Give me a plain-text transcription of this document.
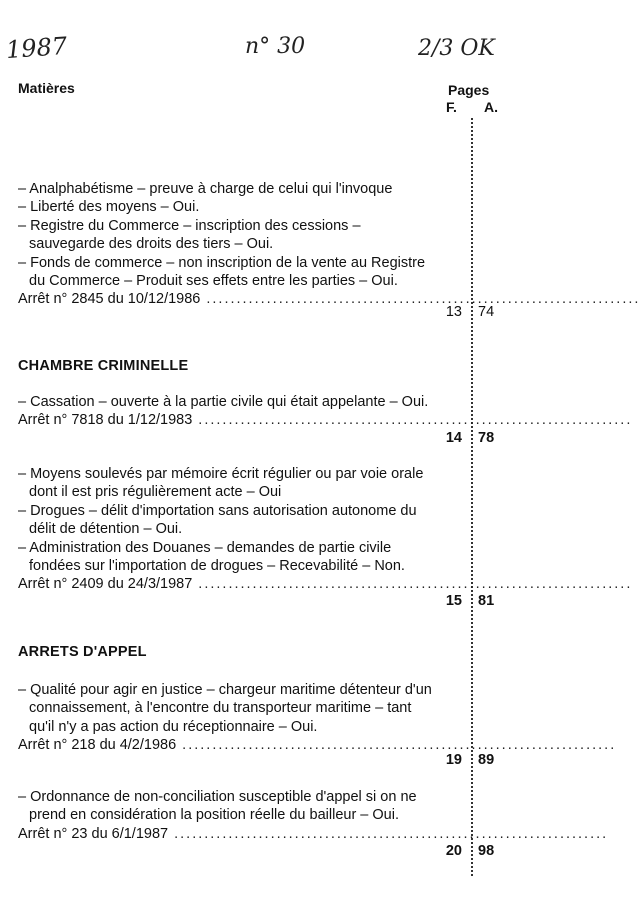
1987	n° 30	2/3 OK
Matières	Pages
F. A.
– Analphabétisme – preuve à charge de celui qui l'invoque
– Liberté des moyens – Oui.
– Registre du Commerce – inscription des cessions – sauvegarde des droits des tiers – Oui.
– Fonds de commerce – non inscription de la vente au Registre du Commerce – Produit ses effets entre les parties – Oui.
Arrêt n° 2845 du 10/12/1986 ........................................................................
13 74
CHAMBRE CRIMINELLE
– Cassation – ouverte à la partie civile qui était appelante – Oui.
Arrêt n° 7818 du 1/12/1983 ........................................................................
14 78
– Moyens soulevés par mémoire écrit régulier ou par voie orale dont il est pris régulièrement acte – Oui
– Drogues – délit d'importation sans autorisation autonome du délit de détention – Oui.
– Administration des Douanes – demandes de partie civile fondées sur l'importation de drogues – Recevabilité – Non.
Arrêt n° 2409 du 24/3/1987 ........................................................................
15 81
ARRETS D'APPEL
– Qualité pour agir en justice – chargeur maritime détenteur d'un connaissement, à l'encontre du transporteur maritime – tant qu'il n'y a pas action du réceptionnaire – Oui.
Arrêt n° 218 du 4/2/1986 ........................................................................
19 89
– Ordonnance de non-conciliation susceptible d'appel si on ne prend en considération la position réelle du bailleur – Oui.
Arrêt n° 23 du 6/1/1987 ........................................................................
20 98
